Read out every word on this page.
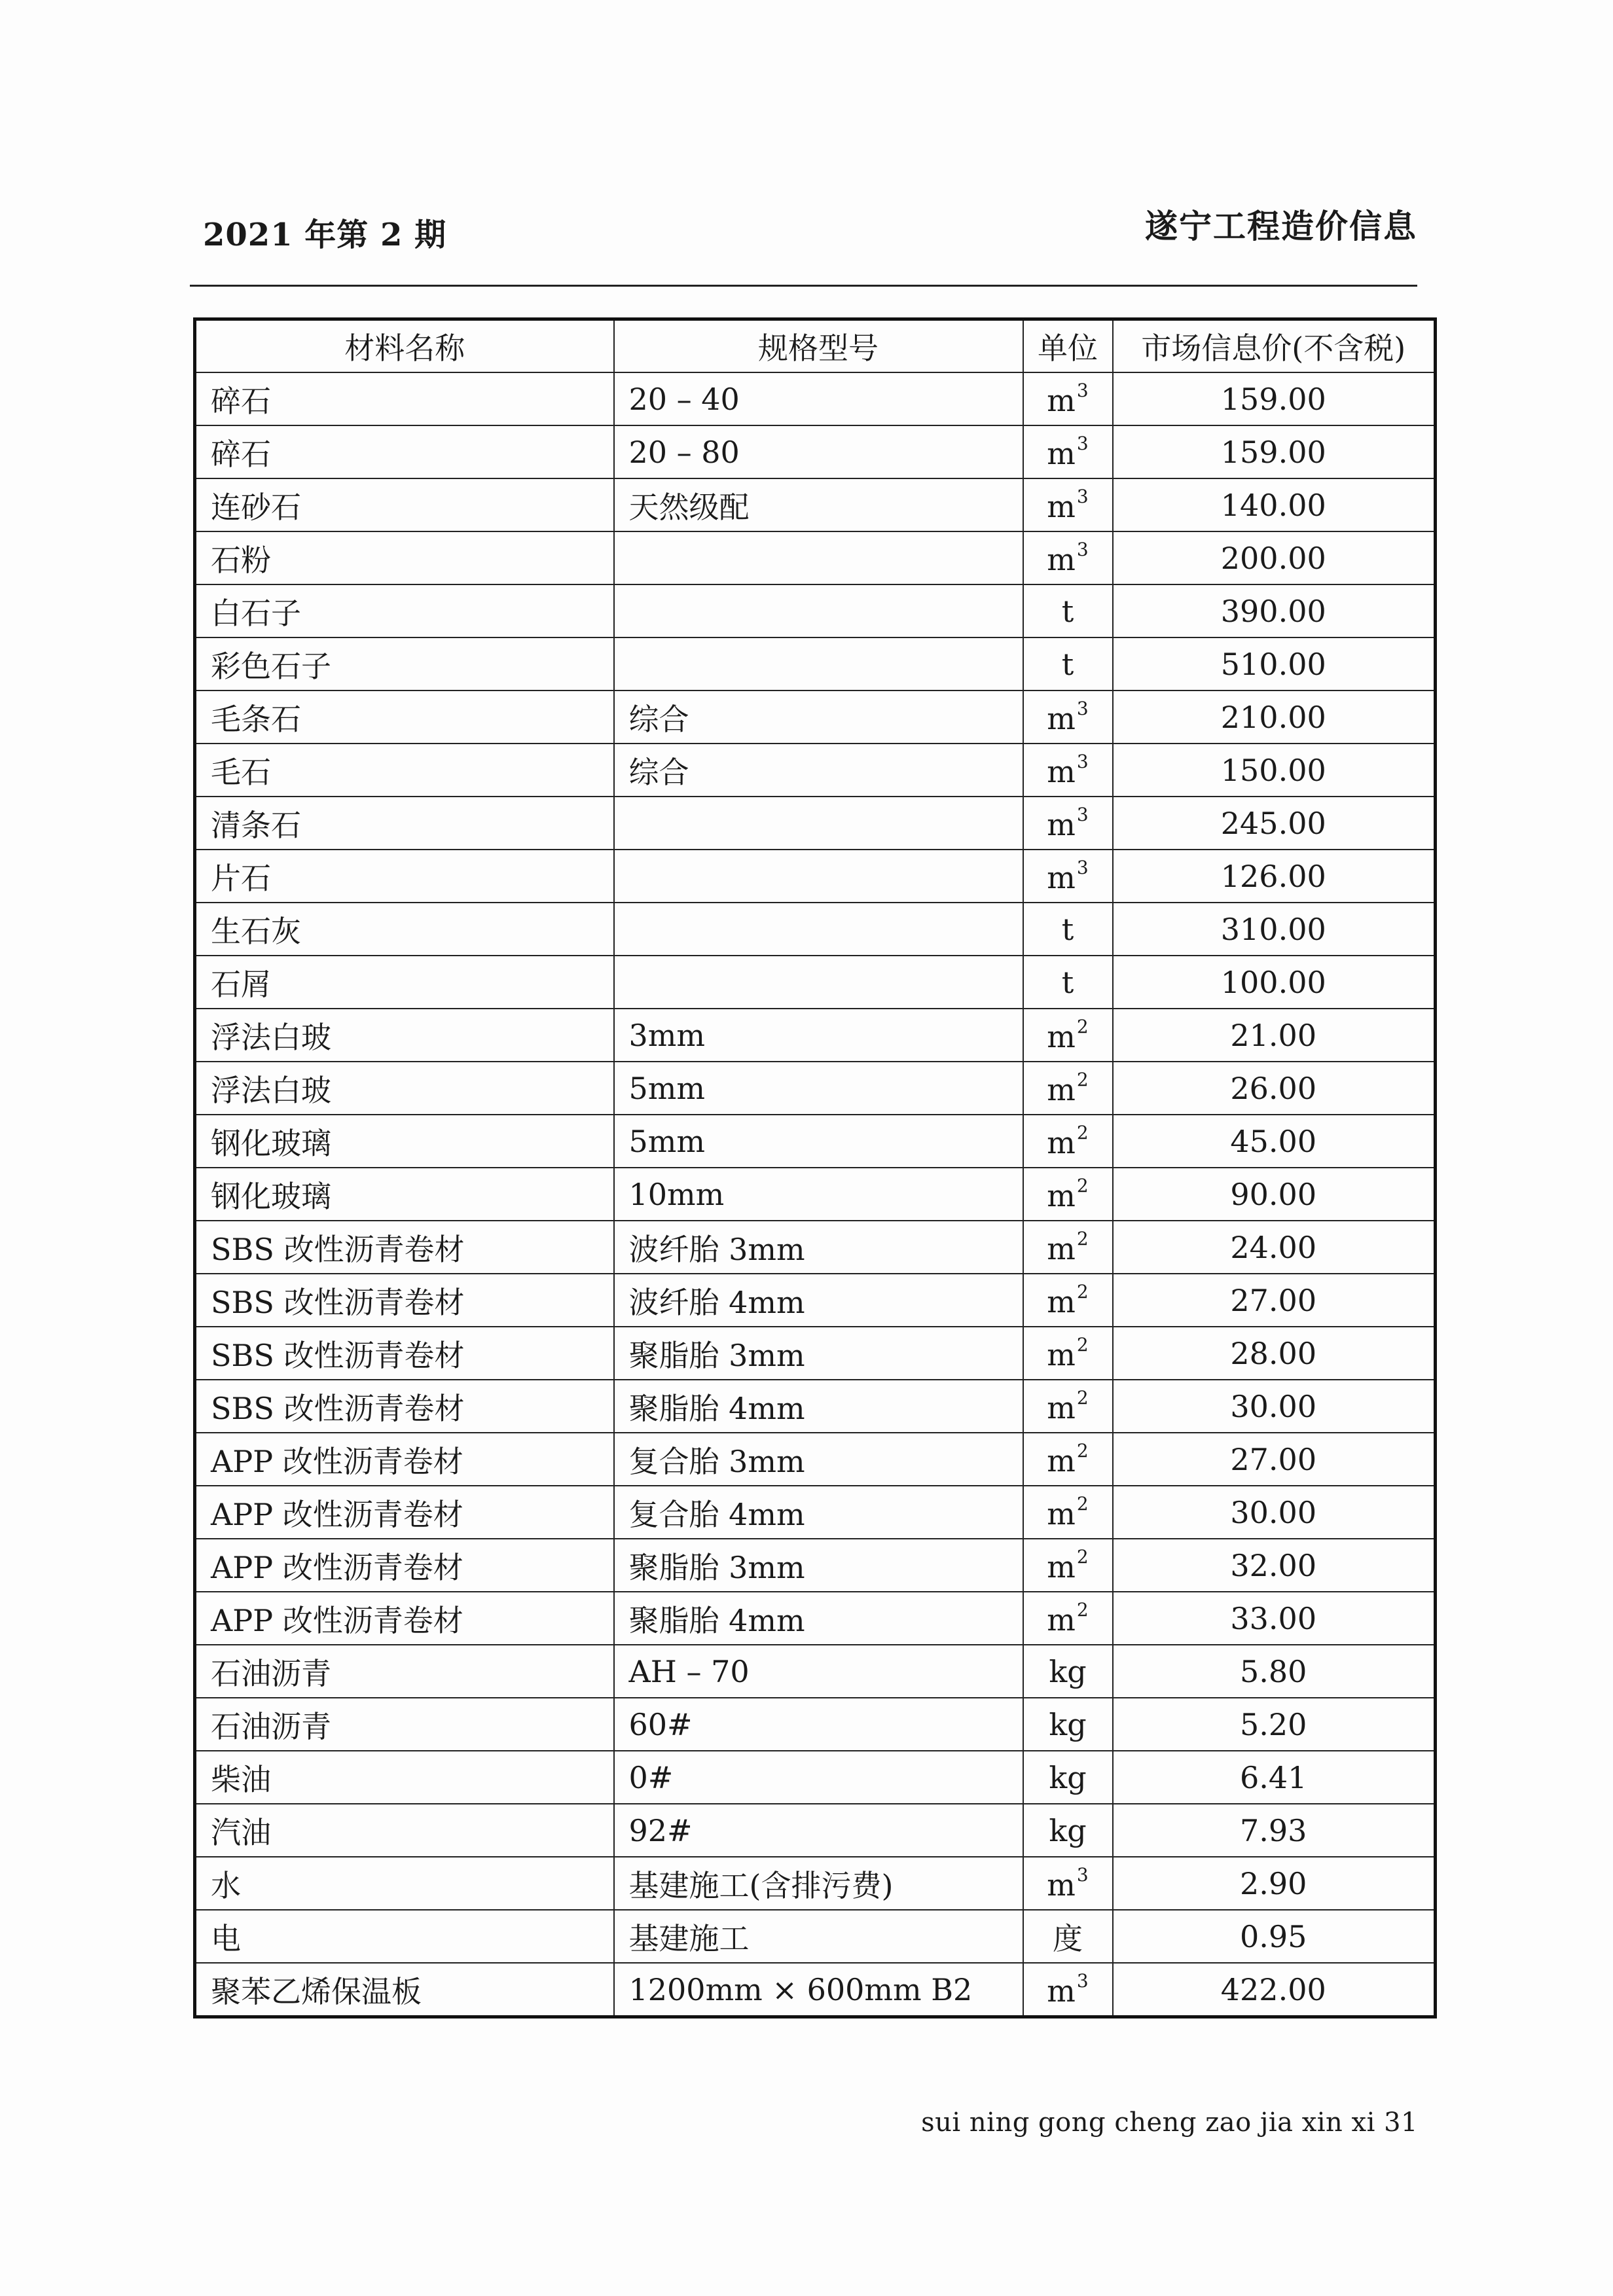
2021 年第 2 期	遂宁工程造价信息
材料名称	规格型号	单位	市场信息价(不含税)
碎石	20 – 40	$m^3$	159.00
碎石	20 – 80	$m^3$	159.00
连砂石	天然级配	$m^3$	140.00
石粉		$m^3$	200.00
白石子		t	390.00
彩色石子		t	510.00
毛条石	综合	$m^3$	210.00
毛石	综合	$m^3$	150.00
清条石		$m^3$	245.00
片石		$m^3$	126.00
生石灰		t	310.00
石屑		t	100.00
浮法白玻	3mm	$m^2$	21.00
浮法白玻	5mm	$m^2$	26.00
钢化玻璃	5mm	$m^2$	45.00
钢化玻璃	10mm	$m^2$	90.00
SBS 改性沥青卷材	波纤胎 3mm	$m^2$	24.00
SBS 改性沥青卷材	波纤胎 4mm	$m^2$	27.00
SBS 改性沥青卷材	聚脂胎 3mm	$m^2$	28.00
SBS 改性沥青卷材	聚脂胎 4mm	$m^2$	30.00
APP 改性沥青卷材	复合胎 3mm	$m^2$	27.00
APP 改性沥青卷材	复合胎 4mm	$m^2$	30.00
APP 改性沥青卷材	聚脂胎 3mm	$m^2$	32.00
APP 改性沥青卷材	聚脂胎 4mm	$m^2$	33.00
石油沥青	AH – 70	kg	5.80
石油沥青	60#	kg	5.20
柴油	0#	kg	6.41
汽油	92#	kg	7.93
水	基建施工(含排污费)	$m^3$	2.90
电	基建施工	度	0.95
聚苯乙烯保温板	1200mm × 600mm B2	$m^3$	422.00
sui ning gong cheng zao jia xin xi 31
